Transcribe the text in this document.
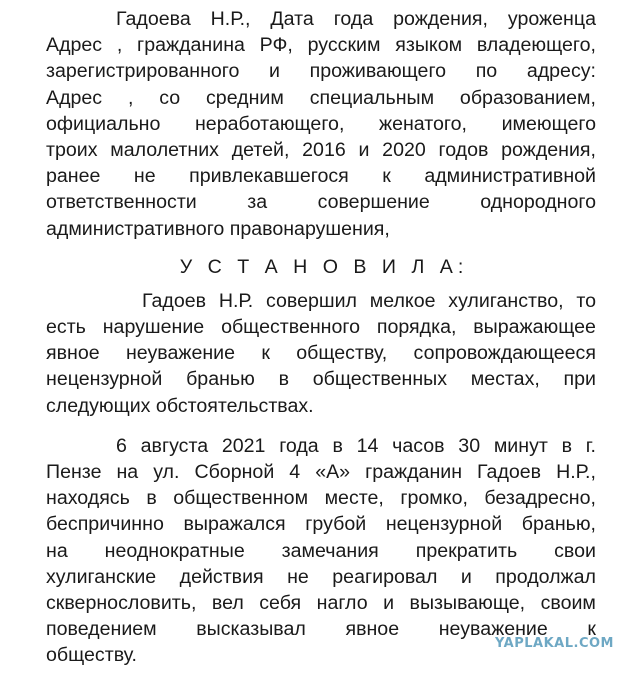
Гадоева Н.Р., Дата года рождения, уроженца
Адрес , гражданина РФ, русским языком владеющего,
зарегистрированного и проживающего по адресу:
Адрес , со средним специальным образованием,
официально неработающего, женатого, имеющего
троих малолетних детей, 2016 и 2020 годов рождения,
ранее не привлекавшегося к административной
ответственности	за	совершение	однородного
административного правонарушения,
У С Т А Н О В И Л А:
Гадоев Н.Р. совершил мелкое хулиганство, то
есть нарушение общественного порядка, выражающее
явное неуважение к обществу, сопровождающееся
нецензурной бранью в общественных местах, при
следующих обстоятельствах.
6 августа 2021 года в 14 часов 30 минут в г.
Пензе на ул. Сборной 4 «А» гражданин Гадоев Н.Р.,
находясь в общественном месте, громко, безадресно,
беспричинно выражался грубой нецензурной бранью,
на неоднократные замечания прекратить свои
хулиганские действия не реагировал и продолжал
сквернословить, вел себя нагло и вызывающе, своим
поведением высказывал явное неуважение к
обществу.
YAPLAKAL.COM
